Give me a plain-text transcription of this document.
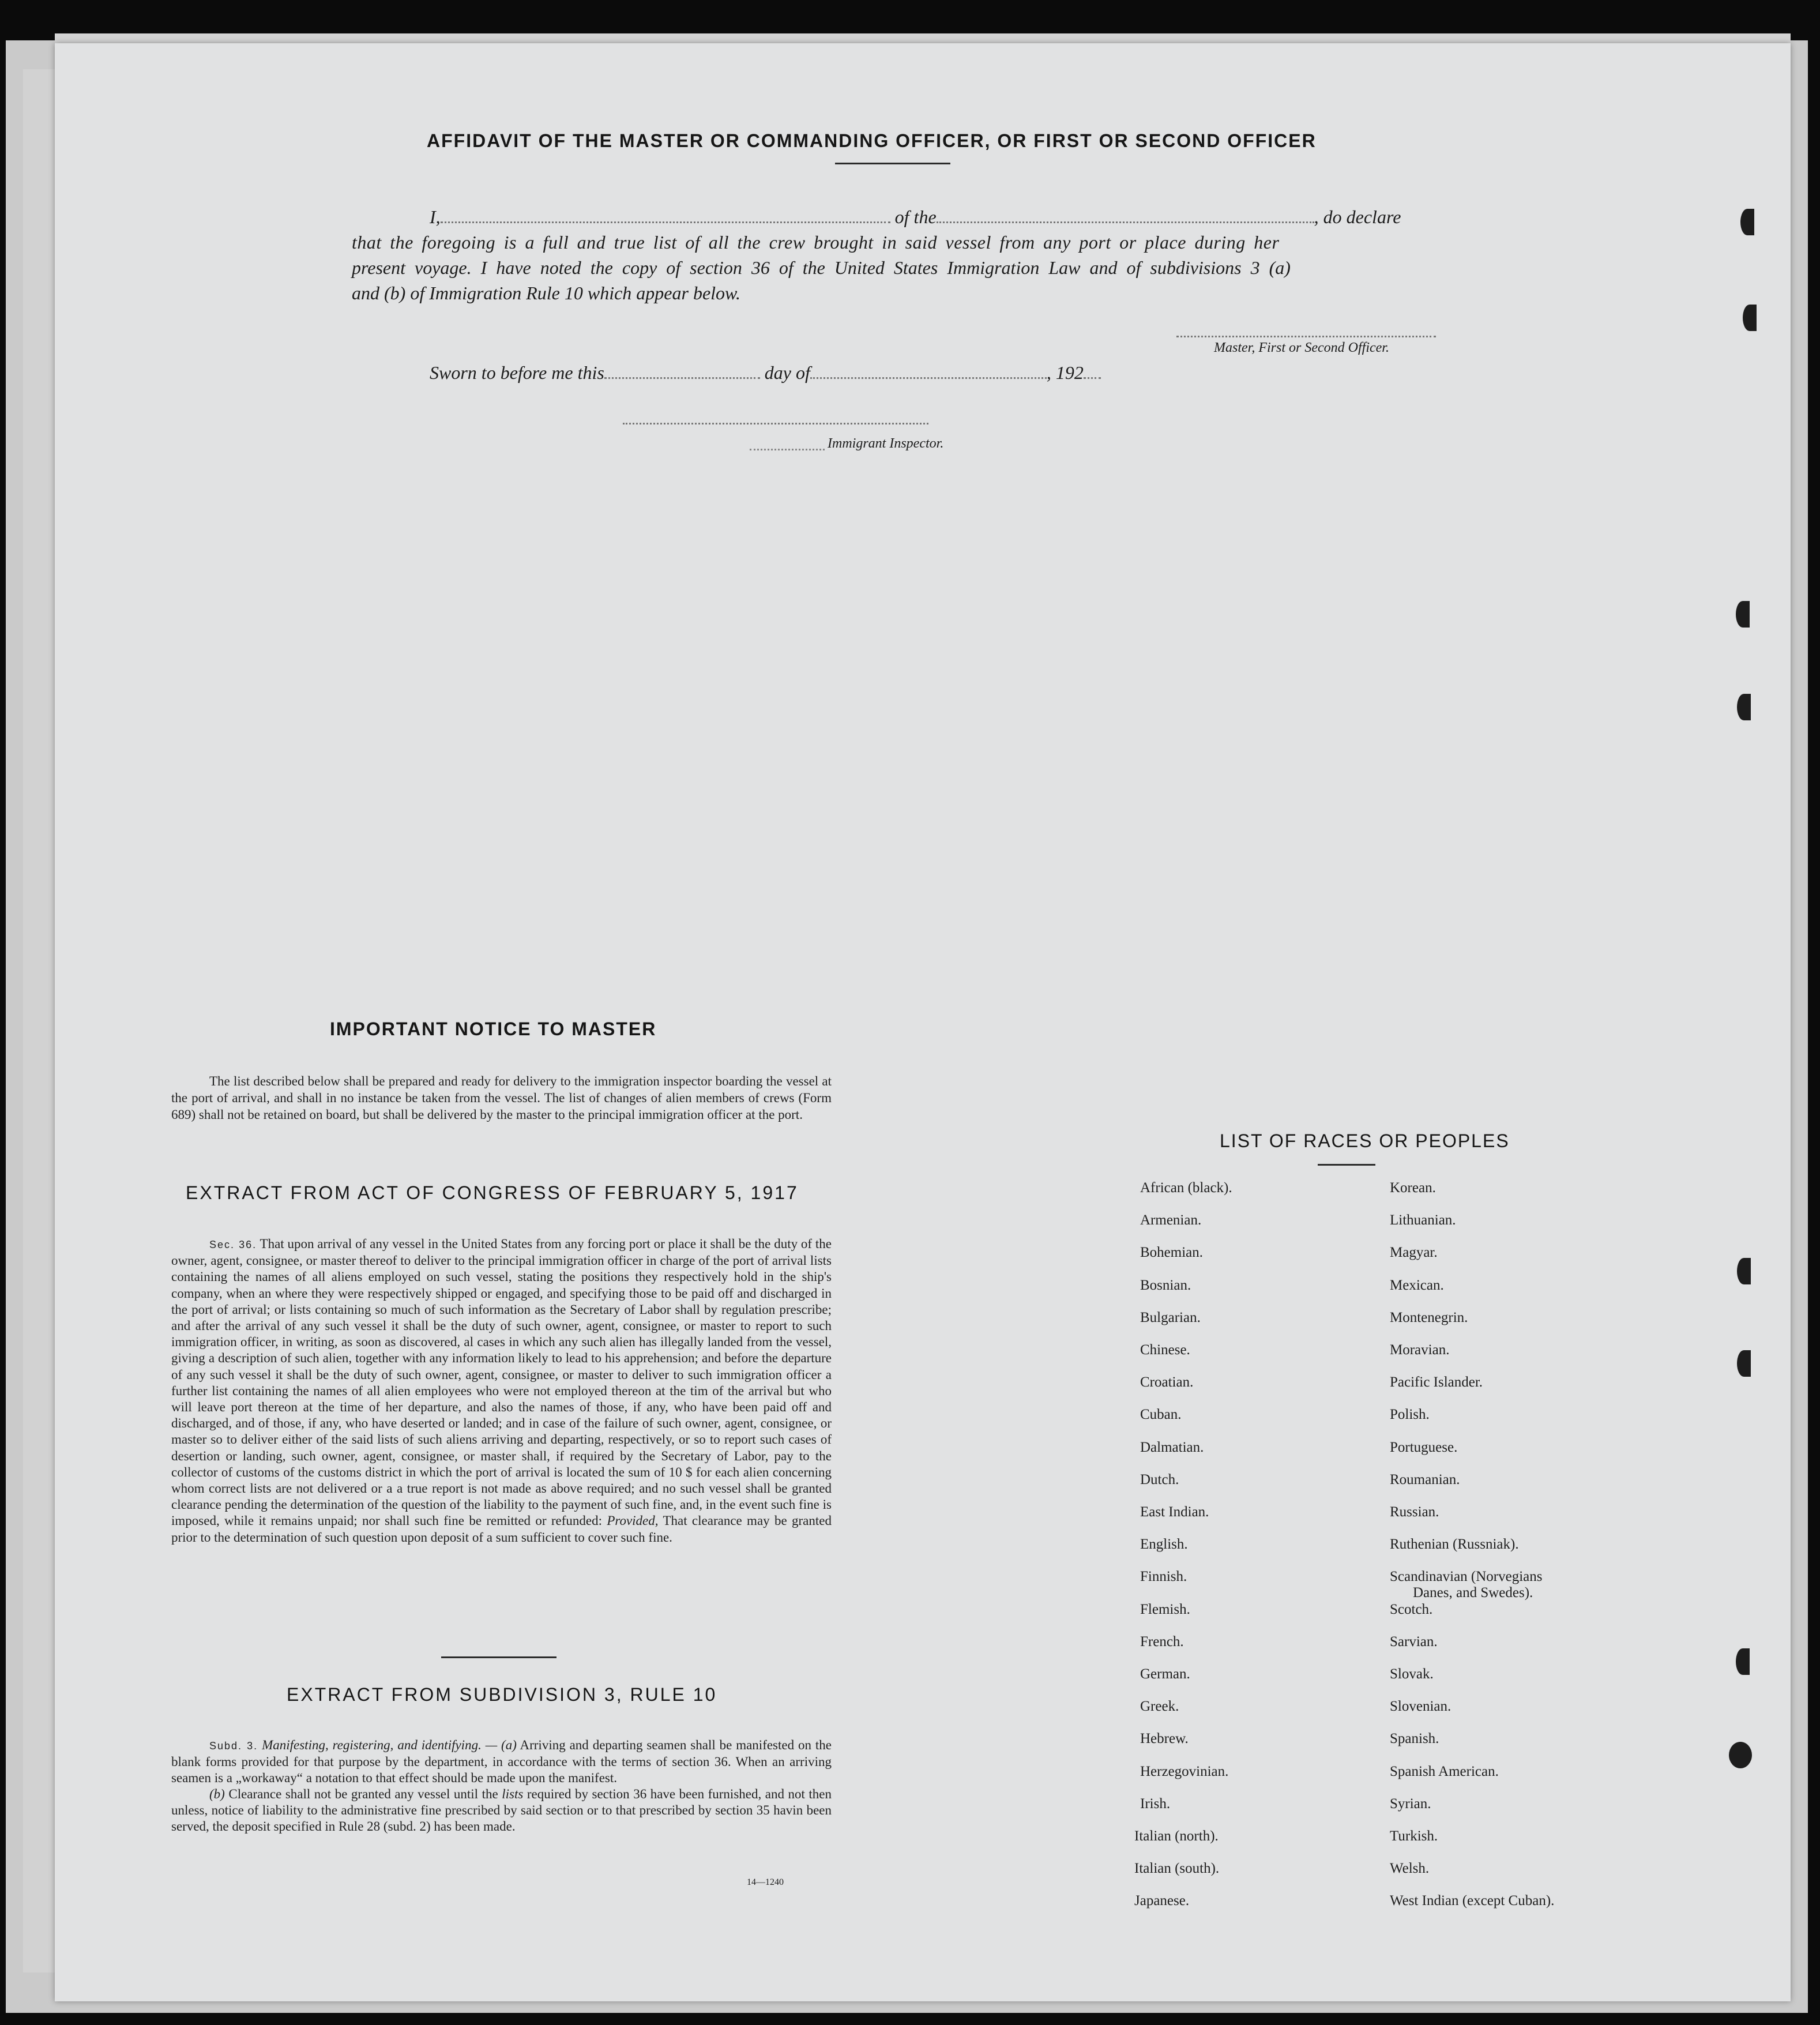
AFFIDAVIT OF THE MASTER OR COMMANDING OFFICER, OR FIRST OR SECOND OFFICER
I,	of the	, do declare
that the foregoing is a full and true list of all the crew brought in said vessel from any port or place during her
present voyage. I have noted the copy of section 36 of the United States Immigration Law and of subdivisions 3 (a)
and (b) of Immigration Rule 10 which appear below.
Master, First or Second Officer.
Sworn to before me this	day of	, 192
Immigrant Inspector.
IMPORTANT NOTICE TO MASTER

The list described below shall be prepared and ready for delivery to the immigration inspector boarding the vessel at the port of arrival, and shall in no instance be taken from the vessel. The list of changes of alien members of crews (Form 689) shall not be retained on board, but shall be delivered by the master to the principal immigration officer at the port.

EXTRACT FROM ACT OF CONGRESS OF FEBRUARY 5, 1917

Sec. 36. That upon arrival of any vessel in the United States from any forcing port or place it shall be the duty of the owner, agent, consignee, or master thereof to deliver to the principal immigration officer in charge of the port of arrival lists containing the names of all aliens employed on such vessel, stating the positions they respectively hold in the ship's company, when an where they were respectively shipped or engaged, and specifying those to be paid off and discharged in the port of arrival; or lists containing so much of such information as the Secretary of Labor shall by regulation prescribe; and after the arrival of any such vessel it shall be the duty of such owner, agent, consignee, or master to report to such immigration officer, in writing, as soon as discovered, al cases in which any such alien has illegally landed from the vessel, giving a description of such alien, together with any information likely to lead to his apprehension; and before the departure of any such vessel it shall be the duty of such owner, agent, consignee, or master to deliver to such immigration officer a further list containing the names of all alien employees who were not employed thereon at the tim of the arrival but who will leave port thereon at the time of her departure, and also the names of those, if any, who have been paid off and discharged, and of those, if any, who have deserted or landed; and in case of the failure of such owner, agent, consignee, or master so to deliver either of the said lists of such aliens arriving and departing, respectively, or so to report such cases of desertion or landing, such owner, agent, consignee, or master shall, if required by the Secretary of Labor, pay to the collector of customs of the customs district in which the port of arrival is located the sum of 10 $ for each alien concerning whom correct lists are not delivered or a a true report is not made as above required; and no such vessel shall be granted clearance pending the determination of the question of the liability to the payment of such fine, and, in the event such fine is imposed, while it remains unpaid; nor shall such fine be remitted or refunded: Provided, That clearance may be granted prior to the determination of such question upon deposit of a sum sufficient to cover such fine.

EXTRACT FROM SUBDIVISION 3, RULE 10

Subd. 3. Manifesting, registering, and identifying. — (a) Arriving and departing seamen shall be manifested on the blank forms provided for that purpose by the department, in accordance with the terms of section 36. When an arriving seamen is a „workaway“ a notation to that effect should be made upon the manifest.

(b) Clearance shall not be granted any vessel until the lists required by section 36 have been furnished, and not then unless, notice of liability to the administrative fine prescribed by said section or to that prescribed by section 35 havin been served, the deposit specified in Rule 28 (subd. 2) has been made.

14—1240
LIST OF RACES OR PEOPLES
African (black).
Armenian.
Bohemian.
Bosnian.
Bulgarian.
Chinese.
Croatian.
Cuban.
Dalmatian.
Dutch.
East Indian.
English.
Finnish.
Flemish.
French.
German.
Greek.
Hebrew.
Herzegovinian.
Irish.
Italian (north).
Italian (south).
Japanese.
Korean.
Lithuanian.
Magyar.
Mexican.
Montenegrin.
Moravian.
Pacific Islander.
Polish.
Portuguese.
Roumanian.
Russian.
Ruthenian (Russniak).
Scandinavian (Norvegians
Danes, and Swedes).
Scotch.
Sarvian.
Slovak.
Slovenian.
Spanish.
Spanish American.
Syrian.
Turkish.
Welsh.
West Indian (except Cuban).
